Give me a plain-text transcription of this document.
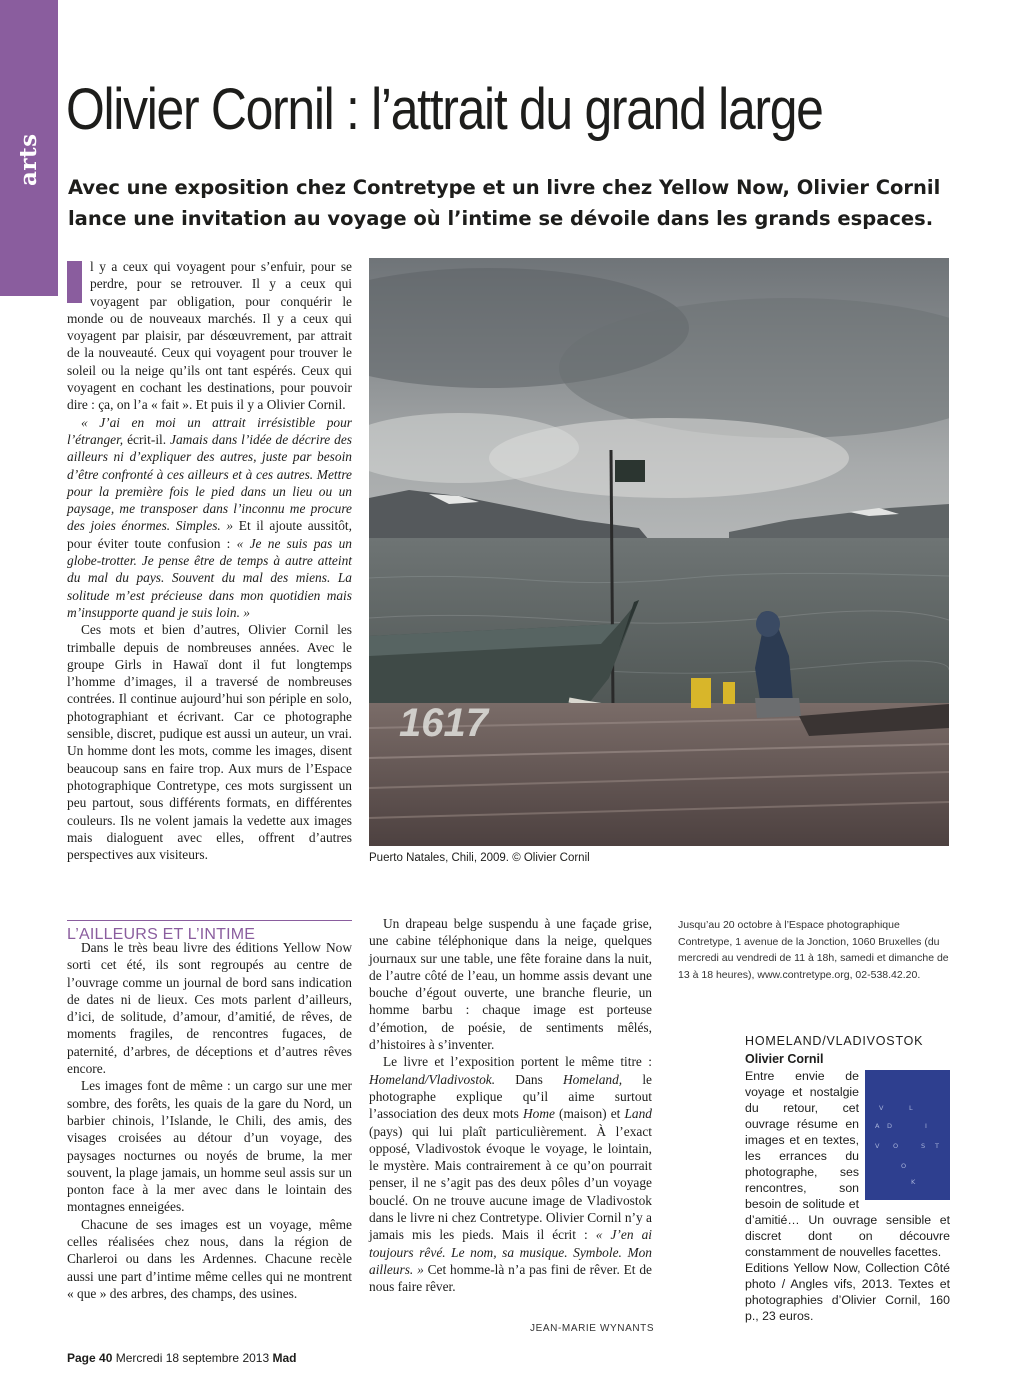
arts
Olivier Cornil : l’attrait du grand large

Avec une exposition chez Contretype et un livre chez Yellow Now, Olivier Cornil lance une invitation au voyage où l’intime se dévoile dans les grands espaces.

l y a ceux qui voyagent pour s’enfuir, pour se perdre, pour se retrouver. Il y a ceux qui voyagent par obligation, pour conquérir le monde ou de nouveaux marchés. Il y a ceux qui voyagent par plaisir, par désœuvrement, par attrait de la nouveauté. Ceux qui voyagent pour trouver le soleil ou la neige qu’ils ont tant espérés. Ceux qui voyagent en cochant les destinations, pour pouvoir dire : ça, on l’a « fait ». Et puis il y a Olivier Cornil.

« J’ai en moi un attrait irrésistible pour l’étranger, écrit-il. Jamais dans l’idée de décrire des ailleurs ni d’expliquer des autres, juste par besoin d’être confronté à ces ailleurs et à ces autres. Mettre pour la première fois le pied dans un lieu ou un paysage, me transposer dans l’inconnu me procure des joies énormes. Simples. » Et il ajoute aussitôt, pour éviter toute confusion : « Je ne suis pas un globe-trotter. Je pense être de temps à autre atteint du mal du pays. Souvent du mal des miens. La solitude m’est précieuse dans mon quotidien mais m’insupporte quand je suis loin. »

Ces mots et bien d’autres, Olivier Cornil les trimballe depuis de nombreuses années. Avec le groupe Girls in Hawaï dont il fut longtemps l’homme d’images, il a traversé de nombreuses contrées. Il continue aujourd’hui son périple en solo, photographiant et écrivant. Car ce photographe sensible, discret, pudique est aussi un auteur, un vrai. Un homme dont les mots, comme les images, disent beaucoup sans en faire trop. Aux murs de l’Espace photographique Contretype, ces mots surgissent un peu partout, sous différents formats, en différentes couleurs. Ils ne volent jamais la vedette aux images mais dialoguent avec elles, offrent d’autres perspectives aux visiteurs.

1617
Puerto Natales, Chili, 2009. © Olivier Cornil
L’AILLEURS ET L’INTIME

Dans le très beau livre des éditions Yellow Now sorti cet été, ils sont regroupés au centre de l’ouvrage comme un journal de bord sans indication de dates ni de lieux. Ces mots parlent d’ailleurs, d’ici, de solitude, d’amour, d’amitié, de rêves, de moments fragiles, de rencontres fugaces, de paternité, d’arbres, de déceptions et d’autres rêves encore.

Les images font de même : un cargo sur une mer sombre, des forêts, les quais de la gare du Nord, un barbier chinois, l’Islande, le Chili, des amis, des visages croisées au détour d’un voyage, des paysages nocturnes ou noyés de brume, la mer souvent, la plage jamais, un homme seul assis sur un ponton face à la mer avec dans le lointain des montagnes enneigées.

Chacune de ses images est un voyage, même celles réalisées chez nous, dans la région de Charleroi ou dans les Ardennes. Chacune recèle aussi une part d’intime même celles qui ne montrent « que » des arbres, des champs, des usines.

Un drapeau belge suspendu à une façade grise, une cabine téléphonique dans la neige, quelques journaux sur une table, une fête foraine dans la nuit, de l’autre côté de l’eau, un homme assis devant une bouche d’égout ouverte, une branche fleurie, un homme barbu : chaque image est porteuse d’émotion, de poésie, de sentiments mêlés, d’histoires à s’inventer.

Le livre et l’exposition portent le même titre : Homeland/Vladivostok. Dans Homeland, le photographe explique qu’il aime surtout l’association des deux mots Home (maison) et Land (pays) qui lui plaît particulièrement. À l’exact opposé, Vladivostok évoque le voyage, le lointain, le mystère. Mais contrairement à ce qu’on pourrait penser, il ne s’agit pas des deux pôles d’un voyage bouclé. On ne trouve aucune image de Vladivostok dans le livre ni chez Contretype. Olivier Cornil n’y a jamais mis les pieds. Mais il écrit : « J’en ai toujours rêvé. Le nom, sa musique. Symbole. Mon ailleurs. » Cet homme-là n’a pas fini de rêver. Et de nous faire rêver.

JEAN-MARIE WYNANTS

Jusqu’au 20 octobre à l’Espace photographique Contretype, 1 avenue de la Jonction, 1060 Bruxelles (du mercredi au vendredi de 11 à 18h, samedi et dimanche de 13 à 18 heures), www.contretype.org, 02-538.42.20.

HOMELAND/VLADIVOSTOK
Olivier Cornil
V	L
A D	I
V O	S T
O
K

Entre envie de voyage et nostalgie du retour, cet ouvrage résume en images et en textes, les errances du photographe, ses rencontres, son besoin de solitude et d’amitié… Un ouvrage sensible et discret dont on découvre constamment de nouvelles facettes.

Editions Yellow Now, Collection Côté photo / Angles vifs, 2013. Textes et photographies d’Olivier Cornil, 160 p., 23 euros.

Page 40 Mercredi 18 septembre 2013 Mad
